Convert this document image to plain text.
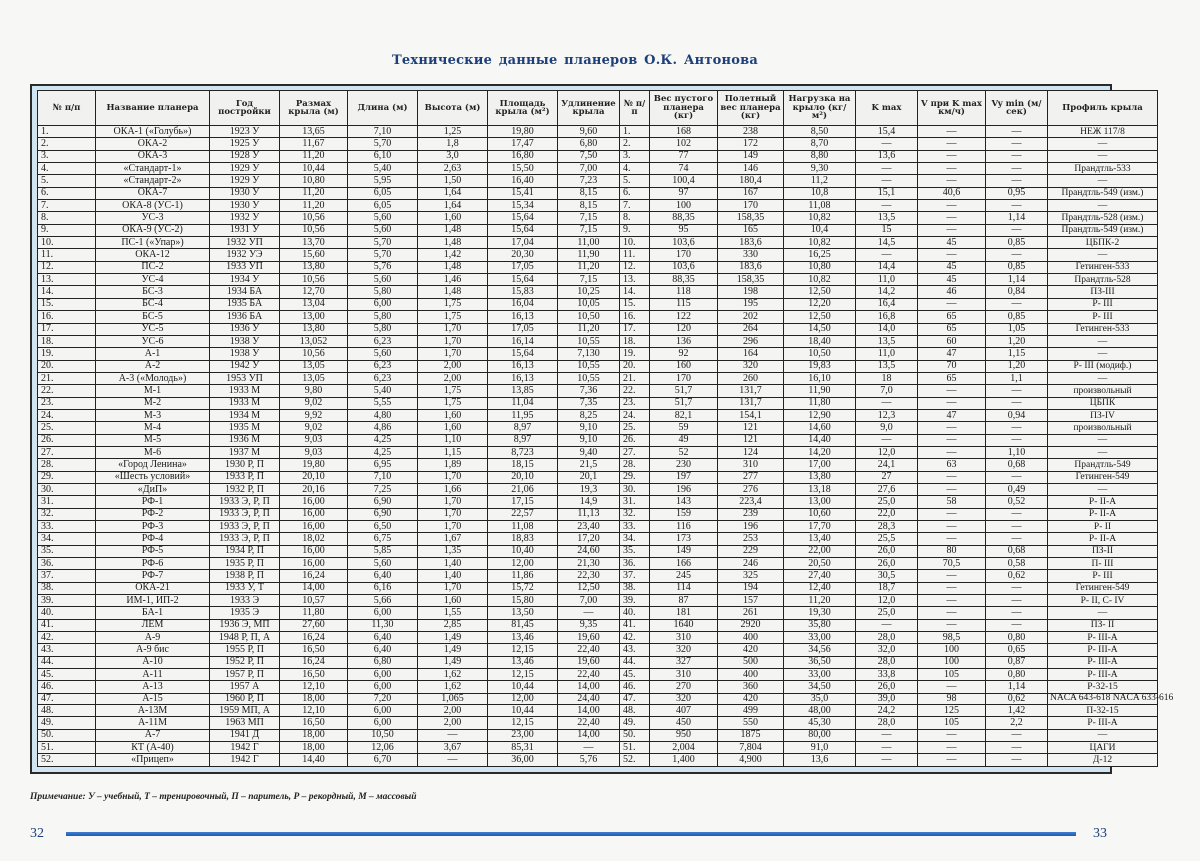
Технические данные планеров О.К. Антонова
№ п/п	Название планера	Год постройки	Размах крыла (м)	Длина (м)	Высота (м)	Площадь крыла (м²)	Удлинение крыла	№ п/п	Вес пустого планера (кг)	Полетный вес планера (кг)	Нагрузка на крыло (кг/м²)	K max	V при K max км/ч)	Vy min (м/сек)	Профиль крыла
1.	ОКА-1 («Голубь»)	1923 У	13,65	7,10	1,25	19,80	9,60	1.	168	238	8,50	15,4	—	—	НЕЖ 117/8
2.	ОКА-2	1925 У	11,67	5,70	1,8	17,47	6,80	2.	102	172	8,70	—	—	—	—
3.	ОКА-3	1928 У	11,20	6,10	3,0	16,80	7,50	3.	77	149	8,80	13,6	—	—	—
4.	«Стандарт-1»	1929 У	10,44	5,40	2,63	15,50	7,00	4.	74	146	9,30	—	—	—	Прандтль-533
5.	«Стандарт-2»	1929 У	10,80	5,95	1,50	16,40	7,23	5.	100,4	180,4	11,2	—	—	—	—
6.	ОКА-7	1930 У	11,20	6,05	1,64	15,41	8,15	6.	97	167	10,8	15,1	40,6	0,95	Прандтль-549 (изм.)
7.	ОКА-8 (УС-1)	1930 У	11,20	6,05	1,64	15,34	8,15	7.	100	170	11,08	—	—	—	—
8.	УС-3	1932 У	10,56	5,60	1,60	15,64	7,15	8.	88,35	158,35	10,82	13,5	—	1,14	Прандтль-528 (изм.)
9.	ОКА-9 (УС-2)	1931 У	10,56	5,60	1,48	15,64	7,15	9.	95	165	10,4	15	—	—	Прандтль-549 (изм.)
10.	ПС-1 («Упар»)	1932 УП	13,70	5,70	1,48	17,04	11,00	10.	103,6	183,6	10,82	14,5	45	0,85	ЦБПК-2
11.	ОКА-12	1932 УЭ	15,60	5,70	1,42	20,30	11,90	11.	170	330	16,25	—	—	—	—
12.	ПС-2	1933 УП	13,80	5,76	1,48	17,05	11,20	12.	103,6	183,6	10,80	14,4	45	0,85	Гетинген-533
13.	УС-4	1934 У	10,56	5,60	1,46	15,64	7,15	13.	88,35	158,35	10,82	11,0	45	1,14	Прандтль-528
14.	БС-3	1934 БА	12,70	5,80	1,48	15,83	10,25	14.	118	198	12,50	14,2	46	0,84	ПЗ-III
15.	БС-4	1935 БА	13,04	6,00	1,75	16,04	10,05	15.	115	195	12,20	16,4	—	—	Р- III
16.	БС-5	1936 БА	13,00	5,80	1,75	16,13	10,50	16.	122	202	12,50	16,8	65	0,85	Р- III
17.	УС-5	1936 У	13,80	5,80	1,70	17,05	11,20	17.	120	264	14,50	14,0	65	1,05	Гетинген-533
18.	УС-6	1938 У	13,052	6,23	1,70	16,14	10,55	18.	136	296	18,40	13,5	60	1,20	—
19.	А-1	1938 У	10,56	5,60	1,70	15,64	7,130	19.	92	164	10,50	11,0	47	1,15	—
20.	А-2	1942 У	13,05	6,23	2,00	16,13	10,55	20.	160	320	19,83	13,5	70	1,20	Р- III (модиф.)
21.	А-3 («Молодь»)	1953 УП	13,05	6,23	2,00	16,13	10,55	21.	170	260	16,10	18	65	1,1	—
22.	М-1	1933 М	9,80	5,40	1,75	13,85	7,36	22.	51,7	131,7	11,90	7,0	—	—	произвольный
23.	М-2	1933 М	9,02	5,55	1,75	11,04	7,35	23.	51,7	131,7	11,80	—	—	—	ЦБПК
24.	М-3	1934 М	9,92	4,80	1,60	11,95	8,25	24.	82,1	154,1	12,90	12,3	47	0,94	ПЗ-IV
25.	М-4	1935 М	9,02	4,86	1,60	8,97	9,10	25.	59	121	14,60	9,0	—	—	произвольный
26.	М-5	1936 М	9,03	4,25	1,10	8,97	9,10	26.	49	121	14,40	—	—	—	—
27.	М-6	1937 М	9,03	4,25	1,15	8,723	9,40	27.	52	124	14,20	12,0	—	1,10	—
28.	«Город Ленина»	1930 Р, П	19,80	6,95	1,89	18,15	21,5	28.	230	310	17,00	24,1	63	0,68	Прандтль-549
29.	«Шесть условий»	1933 Р, П	20,10	7,10	1,70	20,10	20,1	29.	197	277	13,80	27	—	—	Гетинген-549
30.	«ДиП»	1932 Р, П	20,16	7,25	1,66	21,06	19,3	30.	196	276	13,18	27,6	—	0,49	—
31.	РФ-1	1933 Э, Р, П	16,00	6,90	1,70	17,15	14,9	31.	143	223,4	13,00	25,0	58	0,52	Р- II-А
32.	РФ-2	1933 Э, Р, П	16,00	6,90	1,70	22,57	11,13	32.	159	239	10,60	22,0	—	—	Р- II-А
33.	РФ-3	1933 Э, Р, П	16,00	6,50	1,70	11,08	23,40	33.	116	196	17,70	28,3	—	—	Р- II
34.	РФ-4	1933 Э, Р, П	18,02	6,75	1,67	18,83	17,20	34.	173	253	13,40	25,5	—	—	Р- II-А
35.	РФ-5	1934 Р, П	16,00	5,85	1,35	10,40	24,60	35.	149	229	22,00	26,0	80	0,68	ПЗ-II
36.	РФ-6	1935 Р, П	16,00	5,60	1,40	12,00	21,30	36.	166	246	20,50	26,0	70,5	0,58	П- III
37.	РФ-7	1938 Р, П	16,24	6,40	1,40	11,86	22,30	37.	245	325	27,40	30,5	—	0,62	Р- III
38.	ОКА-21	1933 У, Т	14,00	6,16	1,70	15,72	12,50	38.	114	194	12,40	18,7	—	—	Гетинген-549
39.	ИМ-1, ИП-2	1933 Э	10,57	5,66	1,60	15,80	7,00	39.	87	157	11,20	12,0	—	—	Р- II, С- IV
40.	БА-1	1935 Э	11,80	6,00	1,55	13,50	—	40.	181	261	19,30	25,0	—	—	—
41.	ЛЕМ	1936 Э, МП	27,60	11,30	2,85	81,45	9,35	41.	1640	2920	35,80	—	—	—	ПЗ- II
42.	А-9	1948 Р, П, А	16,24	6,40	1,49	13,46	19,60	42.	310	400	33,00	28,0	98,5	0,80	Р- III-А
43.	А-9 бис	1955 Р, П	16,50	6,40	1,49	12,15	22,40	43.	320	420	34,56	32,0	100	0,65	Р- III-А
44.	А-10	1952 Р, П	16,24	6,80	1,49	13,46	19,60	44.	327	500	36,50	28,0	100	0,87	Р- III-А
45.	А-11	1957 Р, П	16,50	6,00	1,62	12,15	22,40	45.	310	400	33,00	33,8	105	0,80	Р- III-А
46.	А-13	1957 А	12,10	6,00	1,62	10,44	14,00	46.	270	360	34,50	26,0	—	1,14	Р-32-15
47.	А-15	1960 Р, П	18,00	7,20	1,065	12,00	24,40	47.	320	420	35,0	39,0	98	0,62	NACA 643-618 NACA 633-616
48.	А-13М	1959 МП, А	12,10	6,00	2,00	10,44	14,00	48.	407	499	48,00	24,2	125	1,42	П-32-15
49.	А-11М	1963 МП	16,50	6,00	2,00	12,15	22,40	49.	450	550	45,30	28,0	105	2,2	Р- III-А
50.	А-7	1941 Д	18,00	10,50	—	23,00	14,00	50.	950	1875	80,00	—	—	—	—
51.	КТ (А-40)	1942 Г	18,00	12,06	3,67	85,31	—	51.	2,004	7,804	91,0	—	—	—	ЦАГИ
52.	«Прицеп»	1942 Г	14,40	6,70	—	36,00	5,76	52.	1,400	4,900	13,6	—	—	—	Д-12
Примечание: У – учебный, Т – тренировочный, П – паритель, Р – рекордный, М – массовый
32	33
